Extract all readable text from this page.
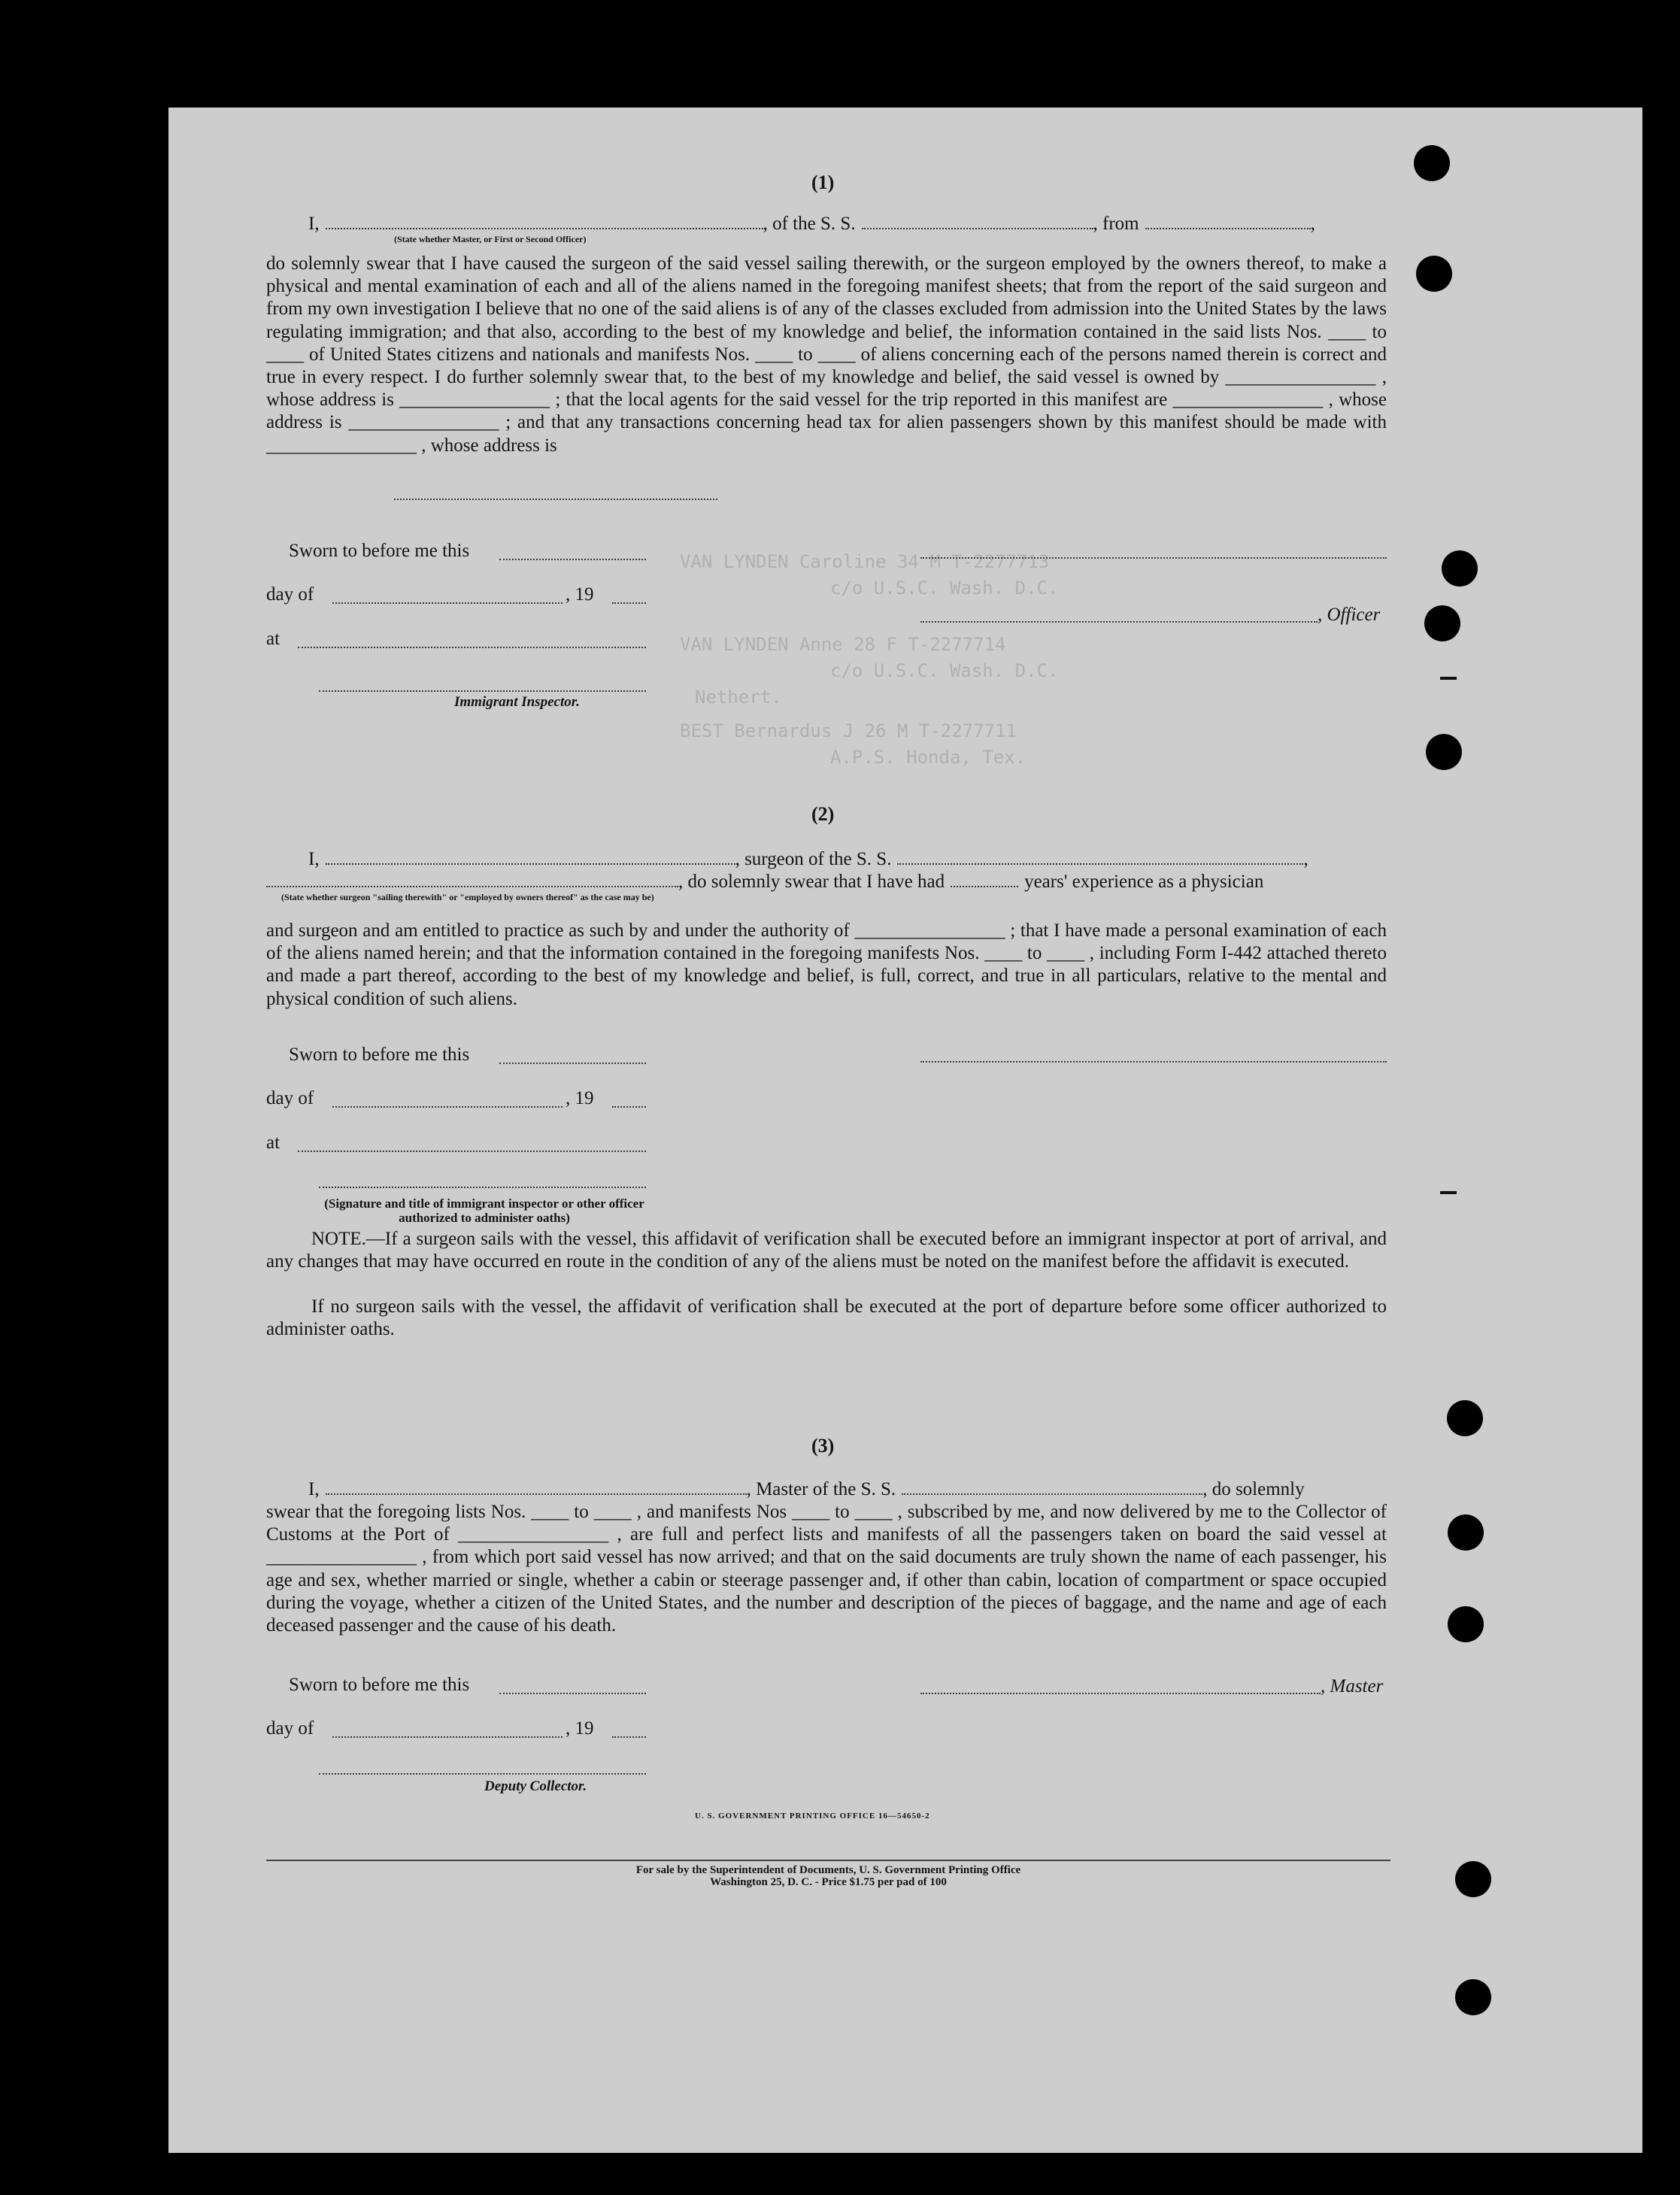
VAN LYNDEN Caroline 34 M T-2277713
c/o U.S.C. Wash. D.C.
VAN LYNDEN Anne 28 F T-2277714
c/o U.S.C. Wash. D.C.
BEST Bernardus J 26 M T-2277711
A.P.S. Honda, Tex.
Nethert.
(1)
I,	, of the S. S.	, from	,
(State whether Master, or First or Second Officer)
do solemnly swear that I have caused the surgeon of the said vessel sailing therewith, or the surgeon employed by the owners thereof, to make a physical and mental examination of each and all of the aliens named in the foregoing manifest sheets; that from the report of the said surgeon and from my own investigation I believe that no one of the said aliens is of any of the classes excluded from admission into the United States by the laws regulating immigration; and that also, according to the best of my knowledge and belief, the information contained in the said lists Nos. ____ to ____ of United States citizens and nationals and manifests Nos. ____ to ____ of aliens concerning each of the persons named therein is correct and true in every respect. I do further solemnly swear that, to the best of my knowledge and belief, the said vessel is owned by ________________ , whose address is ________________ ; that the local agents for the said vessel for the trip reported in this manifest are ________________ , whose address is ________________ ; and that any transactions concerning head tax for alien passengers shown by this manifest should be made with ________________ , whose address is
Sworn to before me this
day of	, 19
at
Immigrant Inspector.
, Officer
(2)
I,	, surgeon of the S. S.	,
, do solemnly swear that I have had	years' experience as a physician
(State whether surgeon "sailing therewith" or "employed by owners thereof" as the case may be)
and surgeon and am entitled to practice as such by and under the authority of ________________ ; that I have made a personal examination of each of the aliens named herein; and that the information contained in the foregoing manifests Nos. ____ to ____ , including Form I-442 attached thereto and made a part thereof, according to the best of my knowledge and belief, is full, correct, and true in all particulars, relative to the mental and physical condition of such aliens.
Sworn to before me this
day of	, 19
at
(Signature and title of immigrant inspector or other officer authorized to administer oaths)
NOTE.—If a surgeon sails with the vessel, this affidavit of verification shall be executed before an immigrant inspector at port of arrival, and any changes that may have occurred en route in the condition of any of the aliens must be noted on the manifest before the affidavit is executed.
If no surgeon sails with the vessel, the affidavit of verification shall be executed at the port of departure before some officer authorized to administer oaths.
(3)
I,	, Master of the S. S.	, do solemnly
swear that the foregoing lists Nos. ____ to ____ , and manifests Nos ____ to ____ , subscribed by me, and now delivered by me to the Collector of Customs at the Port of ________________ , are full and perfect lists and manifests of all the passengers taken on board the said vessel at ________________ , from which port said vessel has now arrived; and that on the said documents are truly shown the name of each passenger, his age and sex, whether married or single, whether a cabin or steerage passenger and, if other than cabin, location of compartment or space occupied during the voyage, whether a citizen of the United States, and the number and description of the pieces of baggage, and the name and age of each deceased passenger and the cause of his death.
Sworn to before me this	, Master
day of	, 19
Deputy Collector.
U. S. GOVERNMENT PRINTING OFFICE 16—54650-2
For sale by the Superintendent of Documents, U. S. Government Printing Office
Washington 25, D. C. - Price $1.75 per pad of 100
